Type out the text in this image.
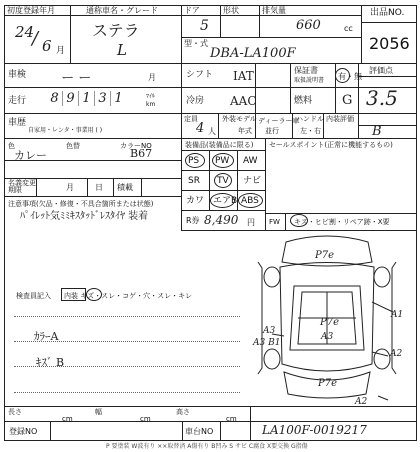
初度登録年月
24
/ 6 月
通称車名・グレード
ステラ
L
ドア
5
形状	排気量
660	cc
型・式
DBA-LA100F
出品NO.
2056
車検	ー ー	月	シフト IAT	保証書
取扱説明書 有・無
評価点
走行 8 9 1 3 1	ﾏｲﾙ km	冷房 AAC	燃料 G 3.5
車歴
自家用・レンタ・事業用 ( )
定員
4 人
外装モデル
年式
ディーラー車
並行
ハンドル
左・右
内装評価
B
色
カレー
色替	カラーNO
B67
装備品(装備品に限る) セールスポイント(正常に機能するもの)
PS PW AW
SR TV ナビ
カワ エアB ABS
R券 8,490 円 FW キズ・ヒビ割・リペア跡・X要
名義変更期限	月	日 積載
注意事項(欠品・修復・不具合箇所または状態)
ﾊﾟｲﾚｯﾄ気ﾐﾐｷｽﾀｯﾄﾞﾚｽﾀｲﾔ 装着
検査員記入 内装 キズ・スレ・コゲ・穴・スレ・キレ
ｶﾗｰA
ｷｽﾞ B
P7e
P7e
A3
P7e
A1
A2
A3
A3 B1
A2
長さ
cm
幅
cm
高さ
cm
登録NO	車台NO	LA100F-0019217
P 要塗装 W波有り ××取替済 A傷有り B凹み S サビ C腐食 X要交換 G指傷
